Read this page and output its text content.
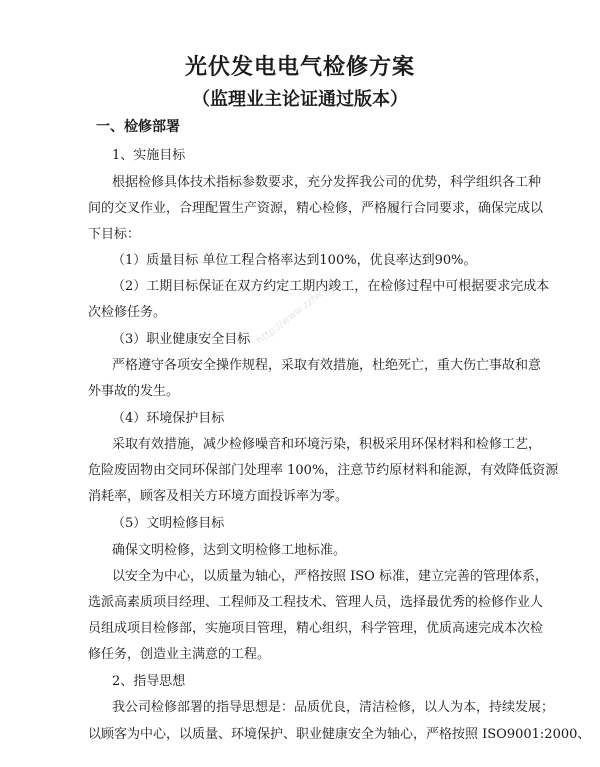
光伏发电电气检修方案
（监理业主论证通过版本）
http://www.zzfw.com
一、检修部署
1、实施目标
根据检修具体技术指标参数要求，充分发挥我公司的优势，科学组织各工种
间的交叉作业，合理配置生产资源，精心检修，严格履行合同要求，确保完成以
下目标：
（1）质量目标 单位工程合格率达到100%，优良率达到90%。
（2）工期目标保证在双方约定工期内竣工，在检修过程中可根据要求完成本
次检修任务。
（3）职业健康安全目标
严格遵守各项安全操作规程，采取有效措施，杜绝死亡，重大伤亡事故和意
外事故的发生。
（4）环境保护目标
采取有效措施，减少检修噪音和环境污染，积极采用环保材料和检修工艺，
危险废固物由交同环保部门处理率 100%，注意节约原材料和能源，有效降低资源
消耗率，顾客及相关方环境方面投诉率为零。
（5）文明检修目标
确保文明检修，达到文明检修工地标准。
以安全为中心，以质量为轴心，严格按照 ISO 标准，建立完善的管理体系，
选派高素质项目经理、工程师及工程技术、管理人员，选择最优秀的检修作业人
员组成项目检修部，实施项目管理，精心组织，科学管理，优质高速完成本次检
修任务，创造业主满意的工程。
2、指导思想
我公司检修部署的指导思想是：品质优良，清洁检修，以人为本，持续发展；
以顾客为中心，以质量、环境保护、职业健康安全为轴心，严格按照 ISO9001:2000、
